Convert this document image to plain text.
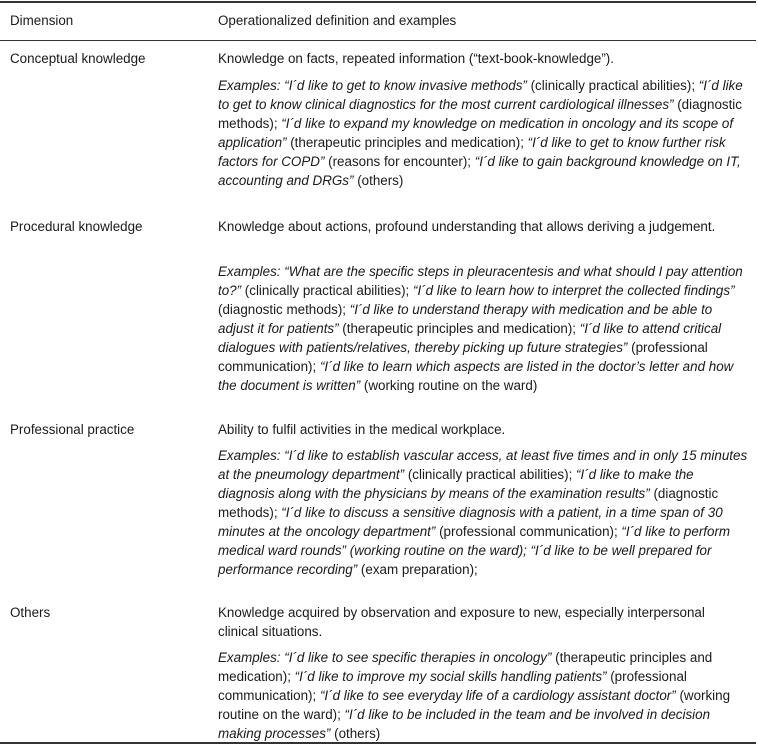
Dimension	Operationalized definition and examples
Conceptual knowledge	Knowledge on facts, repeated information (“text-book-knowledge”).

Examples: “I´d like to get to know invasive methods” (clinically practical abilities); “I´d like to get to know clinical diagnostics for the most current cardiological illnesses” (diagnostic methods); “I´d like to expand my knowledge on medication in oncology and its scope of application” (therapeutic principles and medication); “I´d like to get to know further risk factors for COPD” (reasons for encounter); “I´d like to gain background knowledge on IT, accounting and DRGs” (others)

Procedural knowledge	Knowledge about actions, profound understanding that allows deriving a judgement.

Examples: “What are the specific steps in pleuracentesis and what should I pay attention to?” (clinically practical abilities); “I´d like to learn how to interpret the collected findings” (diagnostic methods); “I´d like to understand therapy with medication and be able to adjust it for patients” (therapeutic principles and medication); “I´d like to attend critical dialogues with patients/relatives, thereby picking up future strategies” (professional communication); “I´d like to learn which aspects are listed in the doctor’s letter and how the document is written” (working routine on the ward)

Professional practice	Ability to fulfil activities in the medical workplace.

Examples: “I´d like to establish vascular access, at least five times and in only 15 minutes at the pneumology department” (clinically practical abilities); “I´d like to make the diagnosis along with the physicians by means of the examination results” (diagnostic methods); “I´d like to discuss a sensitive diagnosis with a patient, in a time span of 30 minutes at the oncology department” (professional communication); “I´d like to perform medical ward rounds” (working routine on the ward); “I´d like to be well prepared for performance recording” (exam preparation);

Others	Knowledge acquired by observation and exposure to new, especially interpersonal clinical situations.

Examples: “I´d like to see specific therapies in oncology” (therapeutic principles and medication); “I´d like to improve my social skills handling patients” (professional communication); “I´d like to see everyday life of a cardiology assistant doctor” (working routine on the ward); “I´d like to be included in the team and be involved in decision making processes” (others)
